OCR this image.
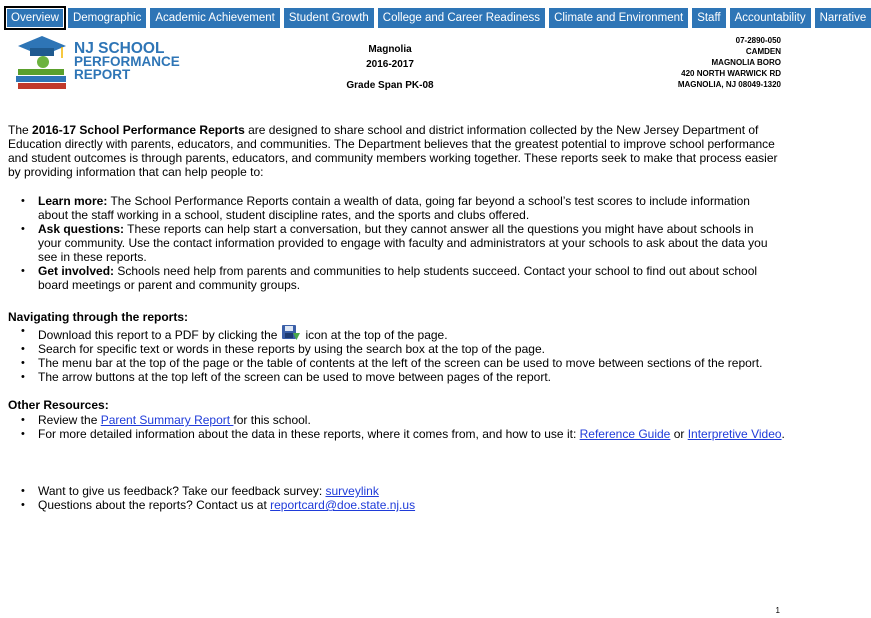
Overview	Demographic	Academic Achievement	Student Growth	College and Career Readiness	Climate and Environment	Staff	Accountability	Narrative
NJ SCHOOL
PERFORMANCE
REPORT
Magnolia
2016-2017
Grade Span PK-08
07-2890-050
CAMDEN
MAGNOLIA BORO
420 NORTH WARWICK RD
MAGNOLIA, NJ 08049-1320

The 2016-17 School Performance Reports are designed to share school and district information collected by the New Jersey Department of Education directly with parents, educators, and communities. The Department believes that the greatest potential to improve school performance and student outcomes is through parents, educators, and community members working together. These reports seek to make that process easier by providing information that can help people to:

• Learn more: The School Performance Reports contain a wealth of data, going far beyond a school’s test scores to include information about the staff working in a school, student discipline rates, and the sports and clubs offered.
• Ask questions: These reports can help start a conversation, but they cannot answer all the questions you might have about schools in your community. Use the contact information provided to engage with faculty and administrators at your schools to ask about the data you see in these reports.
• Get involved: Schools need help from parents and communities to help students succeed. Contact your school to find out about school board meetings or parent and community groups.
Navigating through the reports:
• Download this report to a PDF by clicking the icon at the top of the page.
• Search for specific text or words in these reports by using the search box at the top of the page.
• The menu bar at the top of the page or the table of contents at the left of the screen can be used to move between sections of the report.
• The arrow buttons at the top left of the screen can be used to move between pages of the report.
Other Resources:
• Review the Parent Summary Report for this school.
• For more detailed information about the data in these reports, where it comes from, and how to use it: Reference Guide or Interpretive Video.
• Want to give us feedback? Take our feedback survey: surveylink
• Questions about the reports? Contact us at reportcard@doe.state.nj.us
1
